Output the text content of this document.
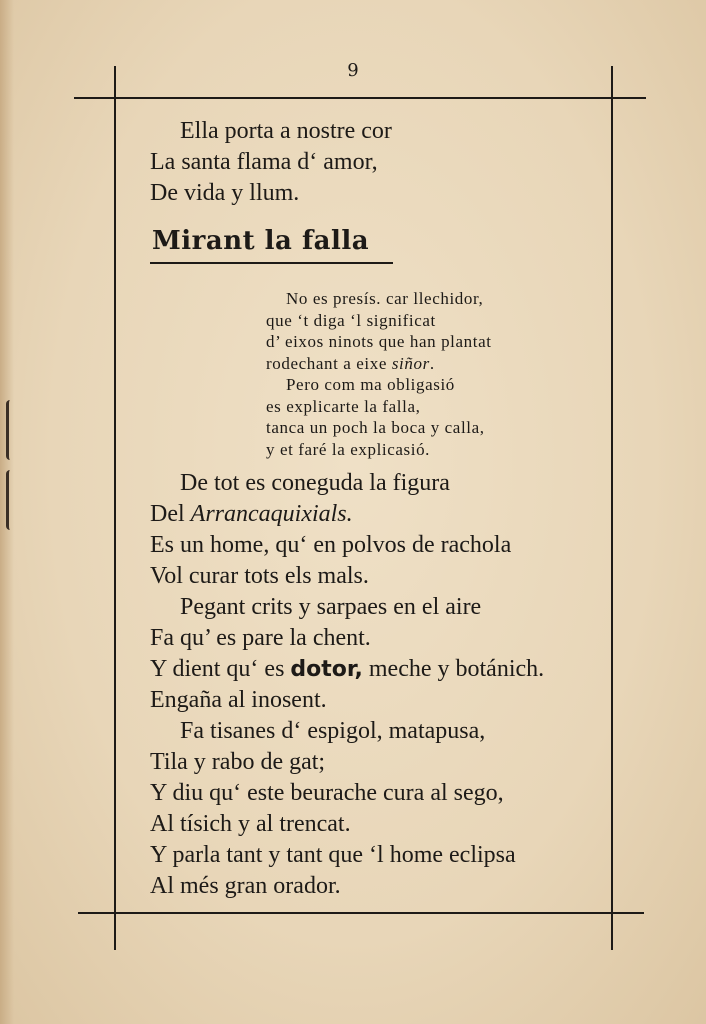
9
Ella porta a nostre cor
La santa flama d‘ amor,
De vida y llum.
Mirant la falla
No es presís. car llechidor,
que ‘t diga ‘l significat
d’ eixos ninots que han plantat
rodechant a eixe siñor.
Pero com ma obligasió
es explicarte la falla,
tanca un poch la boca y calla,
y et faré la explicasió.
De tot es coneguda la figura
Del Arrancaquixials.
Es un home, qu‘ en polvos de rachola
Vol curar tots els mals.
Pegant crits y sarpaes en el aire
Fa qu’ es pare la chent.
Y dient qu‘ es dotor, meche y botánich.
Engaña al inosent.
Fa tisanes d‘ espigol, matapusa,
Tila y rabo de gat;
Y diu qu‘ este beurache cura al sego,
Al tísich y al trencat.
Y parla tant y tant que ‘l home eclipsa
Al més gran orador.
